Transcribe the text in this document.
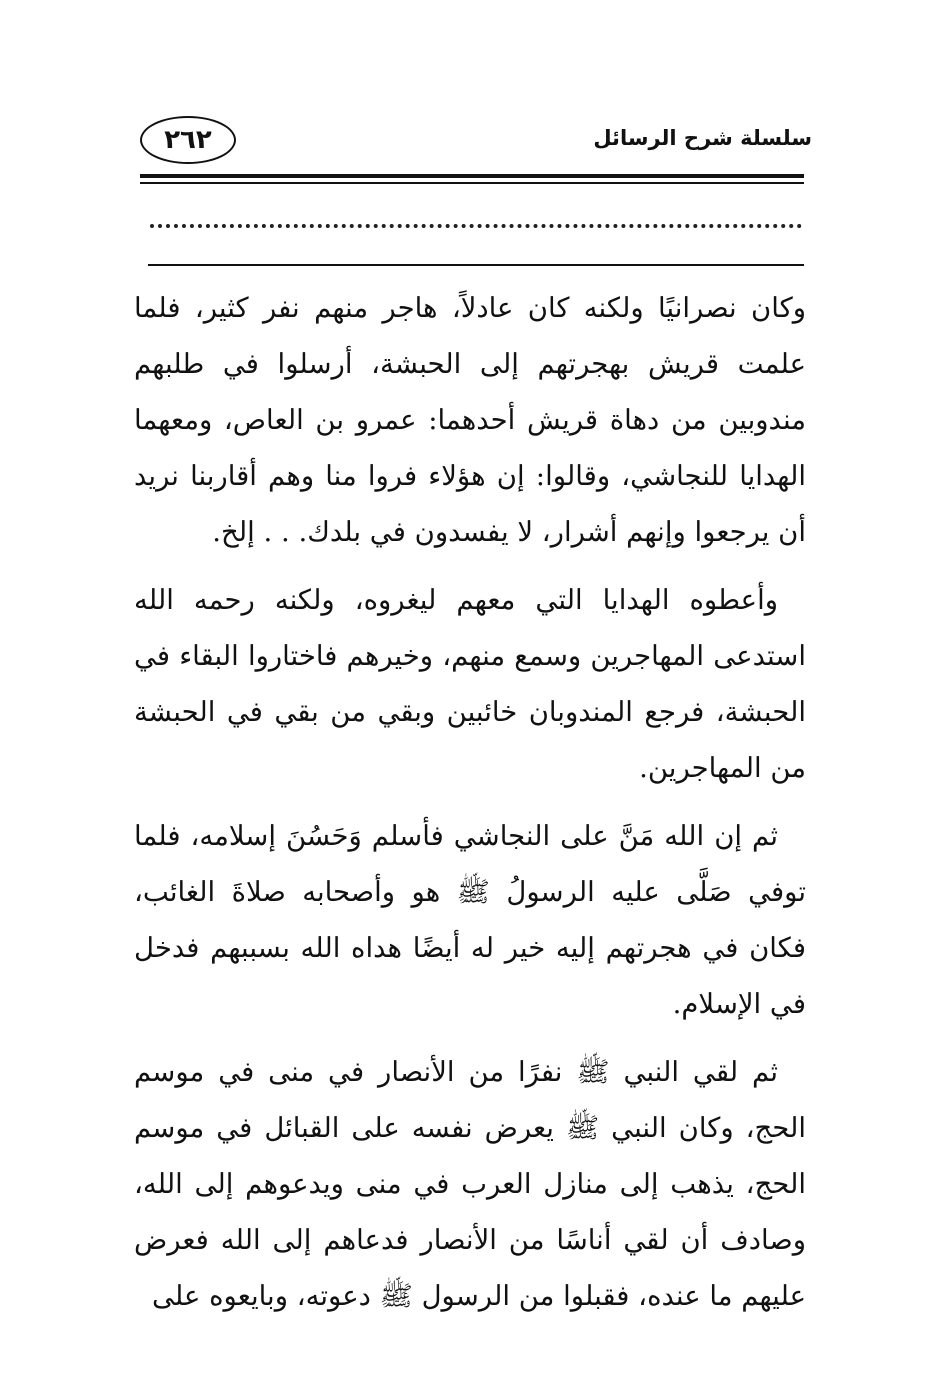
٢٦٢	سلسلة شرح الرسائل

وكان نصرانيًا ولكنه كان عادلاً، هاجر منهم نفر كثير، فلما علمت قريش بهجرتهم إلى الحبشة، أرسلوا في طلبهم مندوبين من دهاة قريش أحدهما: عمرو بن العاص، ومعهما الهدايا للنجاشي، وقالوا: إن هؤلاء فروا منا وهم أقاربنا نريد أن يرجعوا وإنهم أشرار، لا يفسدون في بلدك. . . إلخ.

وأعطوه الهدايا التي معهم ليغروه، ولكنه رحمه الله استدعى المهاجرين وسمع منهم، وخيرهم فاختاروا البقاء في الحبشة، فرجع المندوبان خائبين وبقي من بقي في الحبشة من المهاجرين.

ثم إن الله مَنَّ على النجاشي فأسلم وَحَسُنَ إسلامه، فلما توفي صَلَّى عليه الرسولُ ﷺ هو وأصحابه صلاةَ الغائب، فكان في هجرتهم إليه خير له أيضًا هداه الله بسببهم فدخل في الإسلام.

ثم لقي النبي ﷺ نفرًا من الأنصار في منى في موسم الحج، وكان النبي ﷺ يعرض نفسه على القبائل في موسم الحج، يذهب إلى منازل العرب في منى ويدعوهم إلى الله، وصادف أن لقي أناسًا من الأنصار فدعاهم إلى الله فعرض عليهم ما عنده، فقبلوا من الرسول ﷺ دعوته، وبايعوه على
